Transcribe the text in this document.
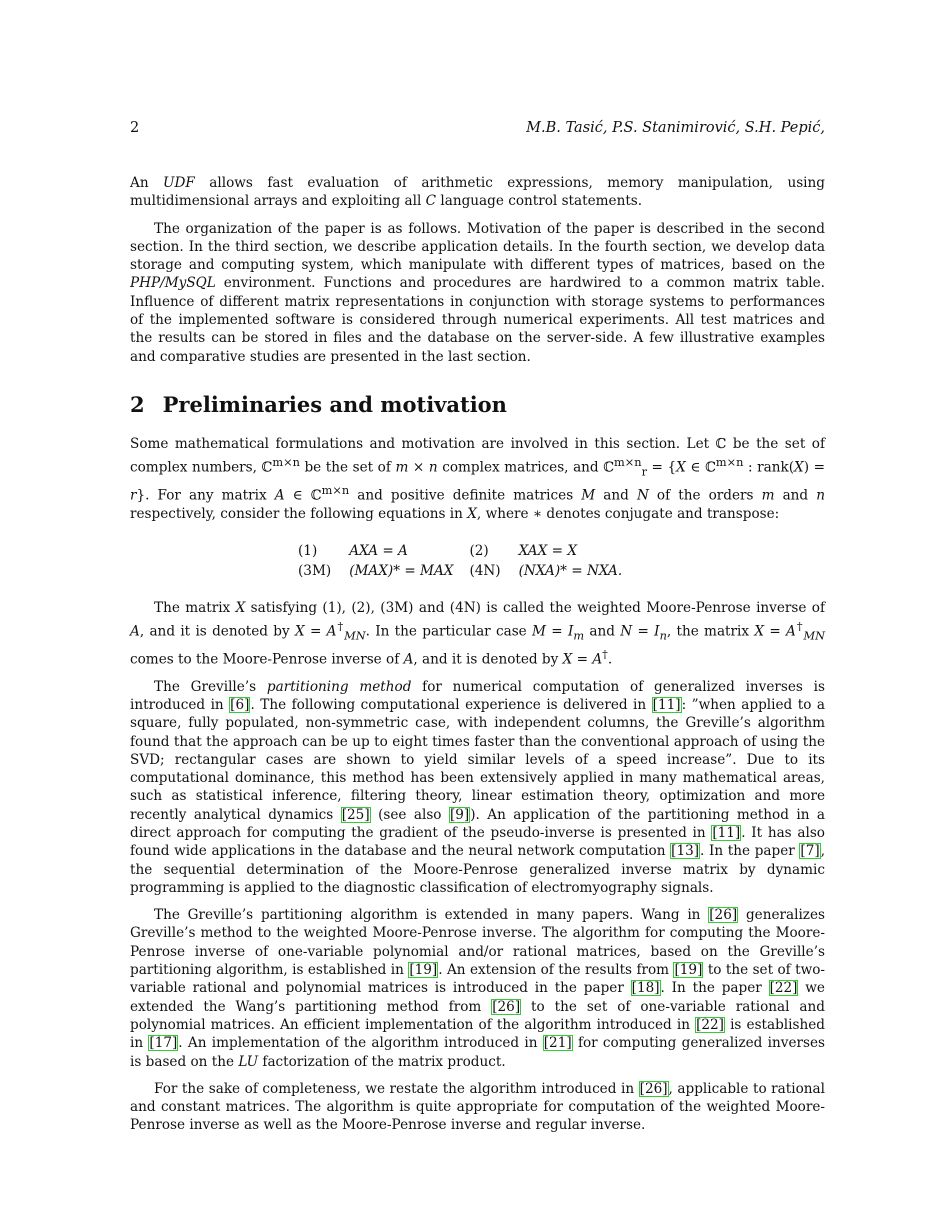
2	M.B. Tasić, P.S. Stanimirović, S.H. Pepić,

An UDF allows fast evaluation of arithmetic expressions, memory manipulation, using multidimensional arrays and exploiting all C language control statements.

The organization of the paper is as follows. Motivation of the paper is described in the second section. In the third section, we describe application details. In the fourth section, we develop data storage and computing system, which manipulate with different types of matrices, based on the PHP/MySQL environment. Functions and procedures are hardwired to a common matrix table. Influence of different matrix representations in conjunction with storage systems to performances of the implemented software is considered through numerical experiments. All test matrices and the results can be stored in files and the database on the server-side. A few illustrative examples and comparative studies are presented in the last section.

2 Preliminaries and motivation

Some mathematical formulations and motivation are involved in this section. Let ℂ be the set of complex numbers, ℂ$^{m\times n}$ be the set of m × n complex matrices, and ℂ$^{m\times n}_r$ = {X ∈ ℂ$^{m\times n}$ : rank(X) = r}. For any matrix A ∈ ℂ$^{m\times n}$ and positive definite matrices M and N of the orders m and n respectively, consider the following equations in X, where ∗ denotes conjugate and transpose:

(1)	AXA = A	(2)	XAX = X
(3M)	(MAX)* = MAX	(4N)	(NXA)* = NXA.

The matrix X satisfying (1), (2), (3M) and (4N) is called the weighted Moore-Penrose inverse of A, and it is denoted by $X = A^\dagger_{MN}$. In the particular case $M = I_m$ and $N = I_n$, the matrix $X = A^\dagger_{MN}$ comes to the Moore-Penrose inverse of A, and it is denoted by X = A†.

The Greville’s partitioning method for numerical computation of generalized inverses is introduced in [6]. The following computational experience is delivered in [11]: ”when applied to a square, fully populated, non-symmetric case, with independent columns, the Greville’s algorithm found that the approach can be up to eight times faster than the conventional approach of using the SVD; rectangular cases are shown to yield similar levels of a speed increase”. Due to its computational dominance, this method has been extensively applied in many mathematical areas, such as statistical inference, filtering theory, linear estimation theory, optimization and more recently analytical dynamics [25] (see also [9]). An application of the partitioning method in a direct approach for computing the gradient of the pseudo-inverse is presented in [11]. It has also found wide applications in the database and the neural network computation [13]. In the paper [7], the sequential determination of the Moore-Penrose generalized inverse matrix by dynamic programming is applied to the diagnostic classification of electromyography signals.

The Greville’s partitioning algorithm is extended in many papers. Wang in [26] generalizes Greville’s method to the weighted Moore-Penrose inverse. The algorithm for computing the Moore-Penrose inverse of one-variable polynomial and/or rational matrices, based on the Greville’s partitioning algorithm, is established in [19]. An extension of the results from [19] to the set of two-variable rational and polynomial matrices is introduced in the paper [18]. In the paper [22] we extended the Wang’s partitioning method from [26] to the set of one-variable rational and polynomial matrices. An efficient implementation of the algorithm introduced in [22] is established in [17]. An implementation of the algorithm introduced in [21] for computing generalized inverses is based on the LU factorization of the matrix product.

For the sake of completeness, we restate the algorithm introduced in [26], applicable to rational and constant matrices. The algorithm is quite appropriate for computation of the weighted Moore-Penrose inverse as well as the Moore-Penrose inverse and regular inverse.
